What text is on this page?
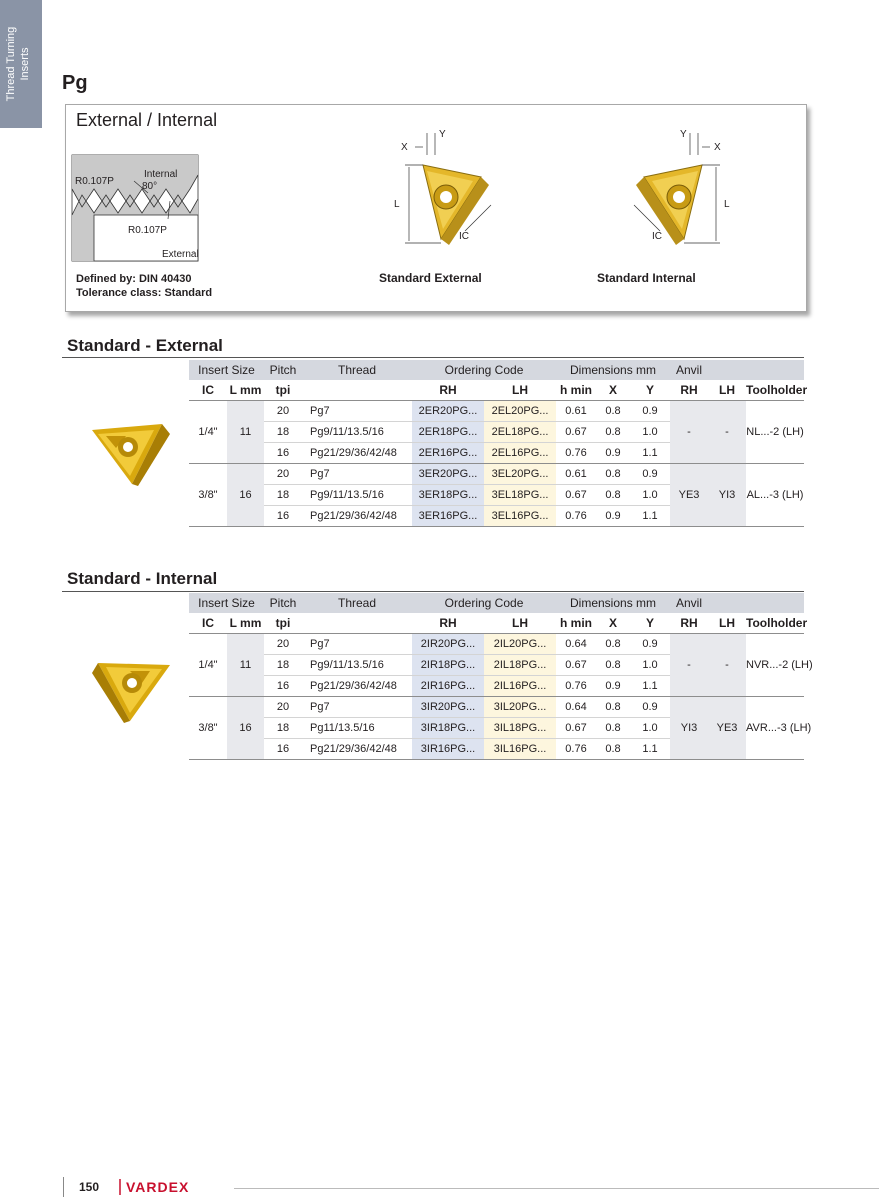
Thread Turning Inserts
Pg
External / Internal
R0.107P
Internal
80°
R0.107P
External
Defined by: DIN 40430
Tolerance class: Standard
L
X
Y
IC
Standard External
L
X
Y
IC
Standard Internal
Standard - External
Insert Size		Pitch	Thread	Ordering Code		Dimensions mm			Anvil		
IC	L mm	tpi		RH	LH	h min	X	Y	RH	LH	Toolholder
1/4"	11	20	Pg7	2ER20PG...	2EL20PG...	0.61	0.8	0.9	-	-	NL...-2 (LH)
		18	Pg9/11/13.5/16	2ER18PG...	2EL18PG...	0.67	0.8	1.0			
		16	Pg21/29/36/42/48	2ER16PG...	2EL16PG...	0.76	0.9	1.1			
3/8"	16	20	Pg7	3ER20PG...	3EL20PG...	0.61	0.8	0.9	YE3	YI3	AL...-3 (LH)
		18	Pg9/11/13.5/16	3ER18PG...	3EL18PG...	0.67	0.8	1.0			
		16	Pg21/29/36/42/48	3ER16PG...	3EL16PG...	0.76	0.9	1.1			
Standard - Internal
Insert Size		Pitch	Thread	Ordering Code		Dimensions mm			Anvil		
IC	L mm	tpi		RH	LH	h min	X	Y	RH	LH	Toolholder
1/4"	11	20	Pg7	2IR20PG...	2IL20PG...	0.64	0.8	0.9	-	-	NVR...-2 (LH)
		18	Pg9/11/13.5/16	2IR18PG...	2IL18PG...	0.67	0.8	1.0			
		16	Pg21/29/36/42/48	2IR16PG...	2IL16PG...	0.76	0.9	1.1			
3/8"	16	20	Pg7	3IR20PG...	3IL20PG...	0.64	0.8	0.9	YI3	YE3	AVR...-3 (LH)
		18	Pg11/13.5/16	3IR18PG...	3IL18PG...	0.67	0.8	1.0			
		16	Pg21/29/36/42/48	3IR16PG...	3IL16PG...	0.76	0.8	1.1			
150 VARDEX
